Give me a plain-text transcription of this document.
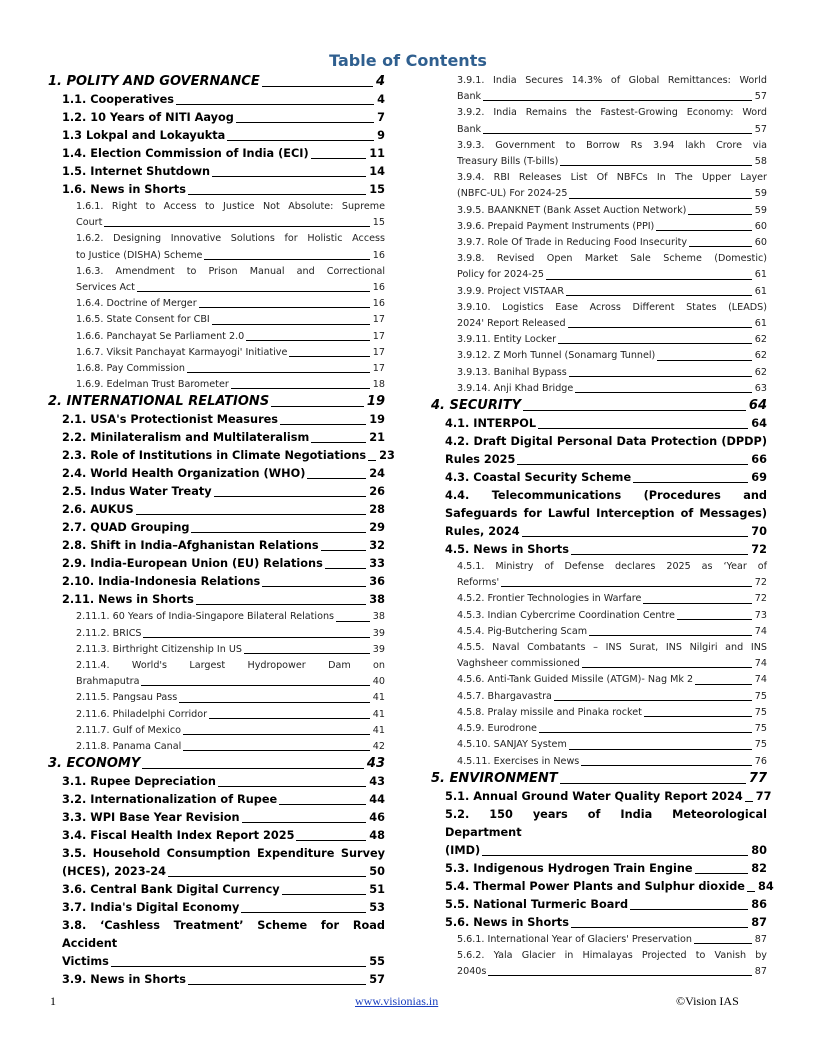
Table of Contents
1. POLITY AND GOVERNANCE	4
1.1. Cooperatives	4
1.2. 10 Years of NITI Aayog	7
1.3 Lokpal and Lokayukta	9
1.4. Election Commission of India (ECI)	11
1.5. Internet Shutdown	14
1.6. News in Shorts	15
1.6.1. Right to Access to Justice Not Absolute: Supreme
Court	15
1.6.2. Designing Innovative Solutions for Holistic Access
to Justice (DISHA) Scheme	16
1.6.3. Amendment to Prison Manual and Correctional
Services Act	16
1.6.4. Doctrine of Merger	16
1.6.5. State Consent for CBI	17
1.6.6. Panchayat Se Parliament 2.0	17
1.6.7. Viksit Panchayat Karmayogi' Initiative	17
1.6.8. Pay Commission	17
1.6.9. Edelman Trust Barometer	18
2. INTERNATIONAL RELATIONS	19
2.1. USA's Protectionist Measures	19
2.2. Minilateralism and Multilateralism	21
2.3. Role of Institutions in Climate Negotiations 23
2.4. World Health Organization (WHO)	24
2.5. Indus Water Treaty	26
2.6. AUKUS	28
2.7. QUAD Grouping	29
2.8. Shift in India–Afghanistan Relations	32
2.9. India-European Union (EU) Relations	33
2.10. India-Indonesia Relations	36
2.11. News in Shorts	38
2.11.1. 60 Years of India-Singapore Bilateral Relations	38
2.11.2. BRICS	39
2.11.3. Birthright Citizenship In US	39
2.11.4. World's Largest Hydropower Dam on
Brahmaputra	40
2.11.5. Pangsau Pass	41
2.11.6. Philadelphi Corridor	41
2.11.7. Gulf of Mexico	41
2.11.8. Panama Canal	42
3. ECONOMY	43
3.1. Rupee Depreciation	43
3.2. Internationalization of Rupee	44
3.3. WPI Base Year Revision	46
3.4. Fiscal Health Index Report 2025	48
3.5. Household Consumption Expenditure Survey
(HCES), 2023-24	50
3.6. Central Bank Digital Currency	51
3.7. India's Digital Economy	53
3.8. ‘Cashless Treatment’ Scheme for Road Accident
Victims	55
3.9. News in Shorts	57
3.9.1. India Secures 14.3% of Global Remittances: World
Bank	57
3.9.2. India Remains the Fastest-Growing Economy: Word
Bank	57
3.9.3. Government to Borrow Rs 3.94 lakh Crore via
Treasury Bills (T-bills)	58
3.9.4. RBI Releases List Of NBFCs In The Upper Layer
(NBFC-UL) For 2024-25	59
3.9.5. BAANKNET (Bank Asset Auction Network)	59
3.9.6. Prepaid Payment Instruments (PPI)	60
3.9.7. Role Of Trade in Reducing Food Insecurity	60
3.9.8. Revised Open Market Sale Scheme (Domestic)
Policy for 2024-25	61
3.9.9. Project VISTAAR	61
3.9.10. Logistics Ease Across Different States (LEADS)
2024' Report Released	61
3.9.11. Entity Locker	62
3.9.12. Z Morh Tunnel (Sonamarg Tunnel)	62
3.9.13. Banihal Bypass	62
3.9.14. Anji Khad Bridge	63
4. SECURITY	64
4.1. INTERPOL	64
4.2. Draft Digital Personal Data Protection (DPDP)
Rules 2025	66
4.3. Coastal Security Scheme	69
4.4. Telecommunications (Procedures and
Safeguards for Lawful Interception of Messages)
Rules, 2024	70
4.5. News in Shorts	72
4.5.1. Ministry of Defense declares 2025 as ‘Year of
Reforms'	72
4.5.2. Frontier Technologies in Warfare	72
4.5.3. Indian Cybercrime Coordination Centre	73
4.5.4. Pig-Butchering Scam	74
4.5.5. Naval Combatants – INS Surat, INS Nilgiri and INS
Vaghsheer commissioned	74
4.5.6. Anti-Tank Guided Missile (ATGM)- Nag Mk 2	74
4.5.7. Bhargavastra	75
4.5.8. Pralay missile and Pinaka rocket	75
4.5.9. Eurodrone	75
4.5.10. SANJAY System	75
4.5.11. Exercises in News	76
5. ENVIRONMENT	77
5.1. Annual Ground Water Quality Report 2024 77
5.2. 150 years of India Meteorological Department
(IMD)	80
5.3. Indigenous Hydrogen Train Engine	82
5.4. Thermal Power Plants and Sulphur dioxide 84
5.5. National Turmeric Board	86
5.6. News in Shorts	87
5.6.1. International Year of Glaciers' Preservation	87
5.6.2. Yala Glacier in Himalayas Projected to Vanish by
2040s	87
1	www.visionias.in	©Vision IAS
